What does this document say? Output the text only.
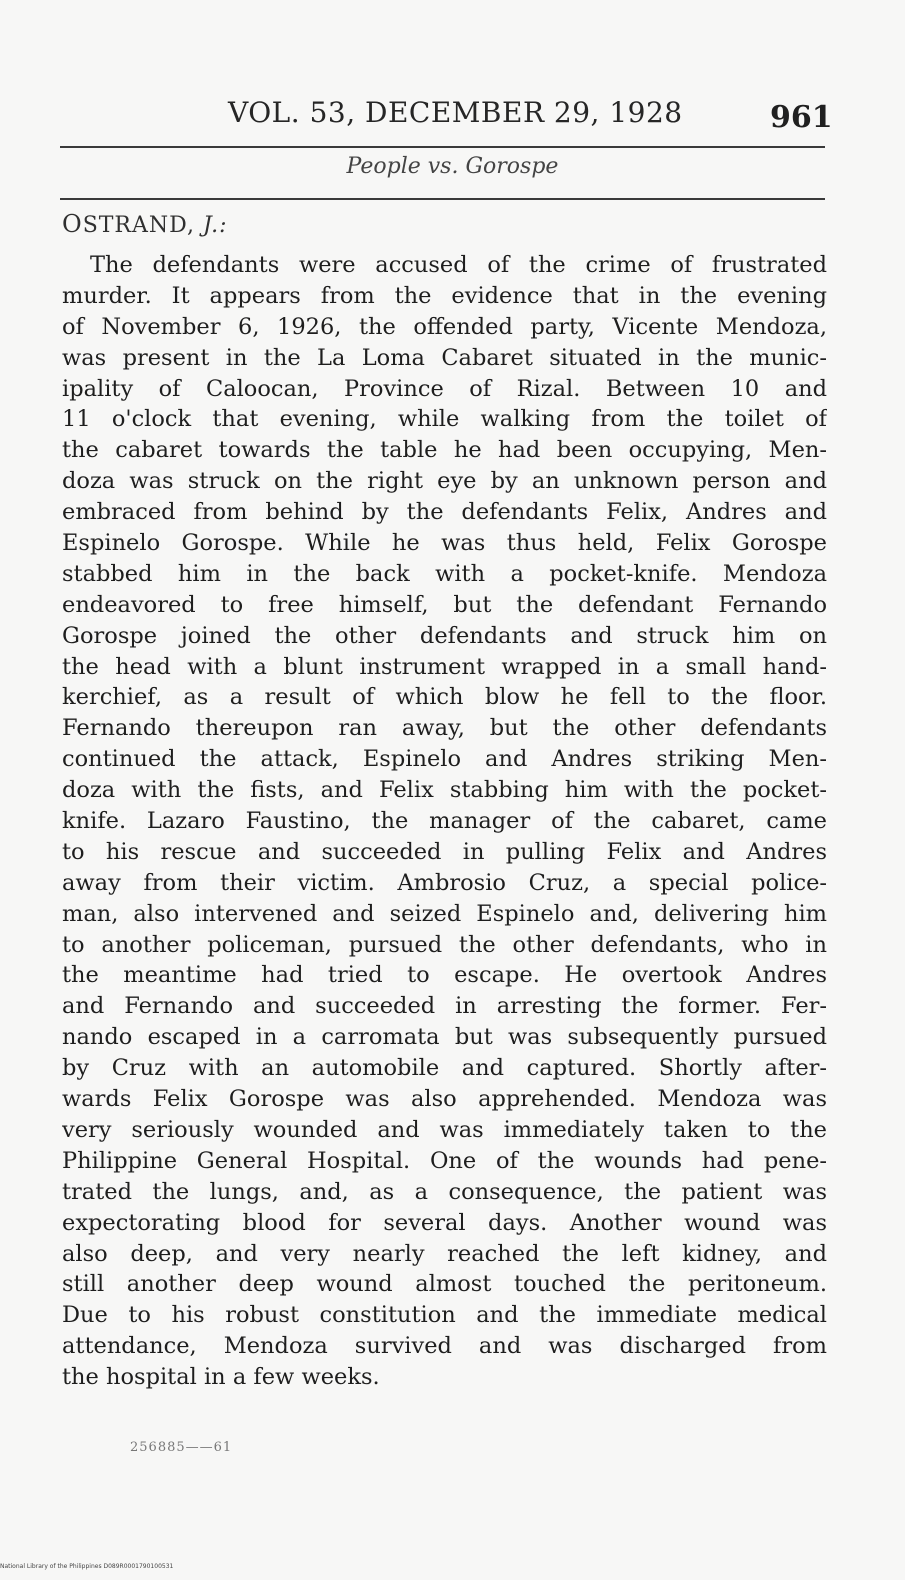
VOL. 53, DECEMBER 29, 1928	961
People vs. Gorospe
OSTRAND, J.:
The defendants were accused of the crime of frustrated
murder. It appears from the evidence that in the evening
of November 6, 1926, the offended party, Vicente Mendoza,
was present in the La Loma Cabaret situated in the munic-
ipality of Caloocan, Province of Rizal. Between 10 and
11 o'clock that evening, while walking from the toilet of
the cabaret towards the table he had been occupying, Men-
doza was struck on the right eye by an unknown person and
embraced from behind by the defendants Felix, Andres and
Espinelo Gorospe. While he was thus held, Felix Gorospe
stabbed him in the back with a pocket-knife. Mendoza
endeavored to free himself, but the defendant Fernando
Gorospe joined the other defendants and struck him on
the head with a blunt instrument wrapped in a small hand-
kerchief, as a result of which blow he fell to the floor.
Fernando thereupon ran away, but the other defendants
continued the attack, Espinelo and Andres striking Men-
doza with the fists, and Felix stabbing him with the pocket-
knife. Lazaro Faustino, the manager of the cabaret, came
to his rescue and succeeded in pulling Felix and Andres
away from their victim. Ambrosio Cruz, a special police-
man, also intervened and seized Espinelo and, delivering him
to another policeman, pursued the other defendants, who in
the meantime had tried to escape. He overtook Andres
and Fernando and succeeded in arresting the former. Fer-
nando escaped in a carromata but was subsequently pursued
by Cruz with an automobile and captured. Shortly after-
wards Felix Gorospe was also apprehended. Mendoza was
very seriously wounded and was immediately taken to the
Philippine General Hospital. One of the wounds had pene-
trated the lungs, and, as a consequence, the patient was
expectorating blood for several days. Another wound was
also deep, and very nearly reached the left kidney, and
still another deep wound almost touched the peritoneum.
Due to his robust constitution and the immediate medical
attendance, Mendoza survived and was discharged from
the hospital in a few weeks.
256885——61
National Library of the Philippines D089R0001790100531
